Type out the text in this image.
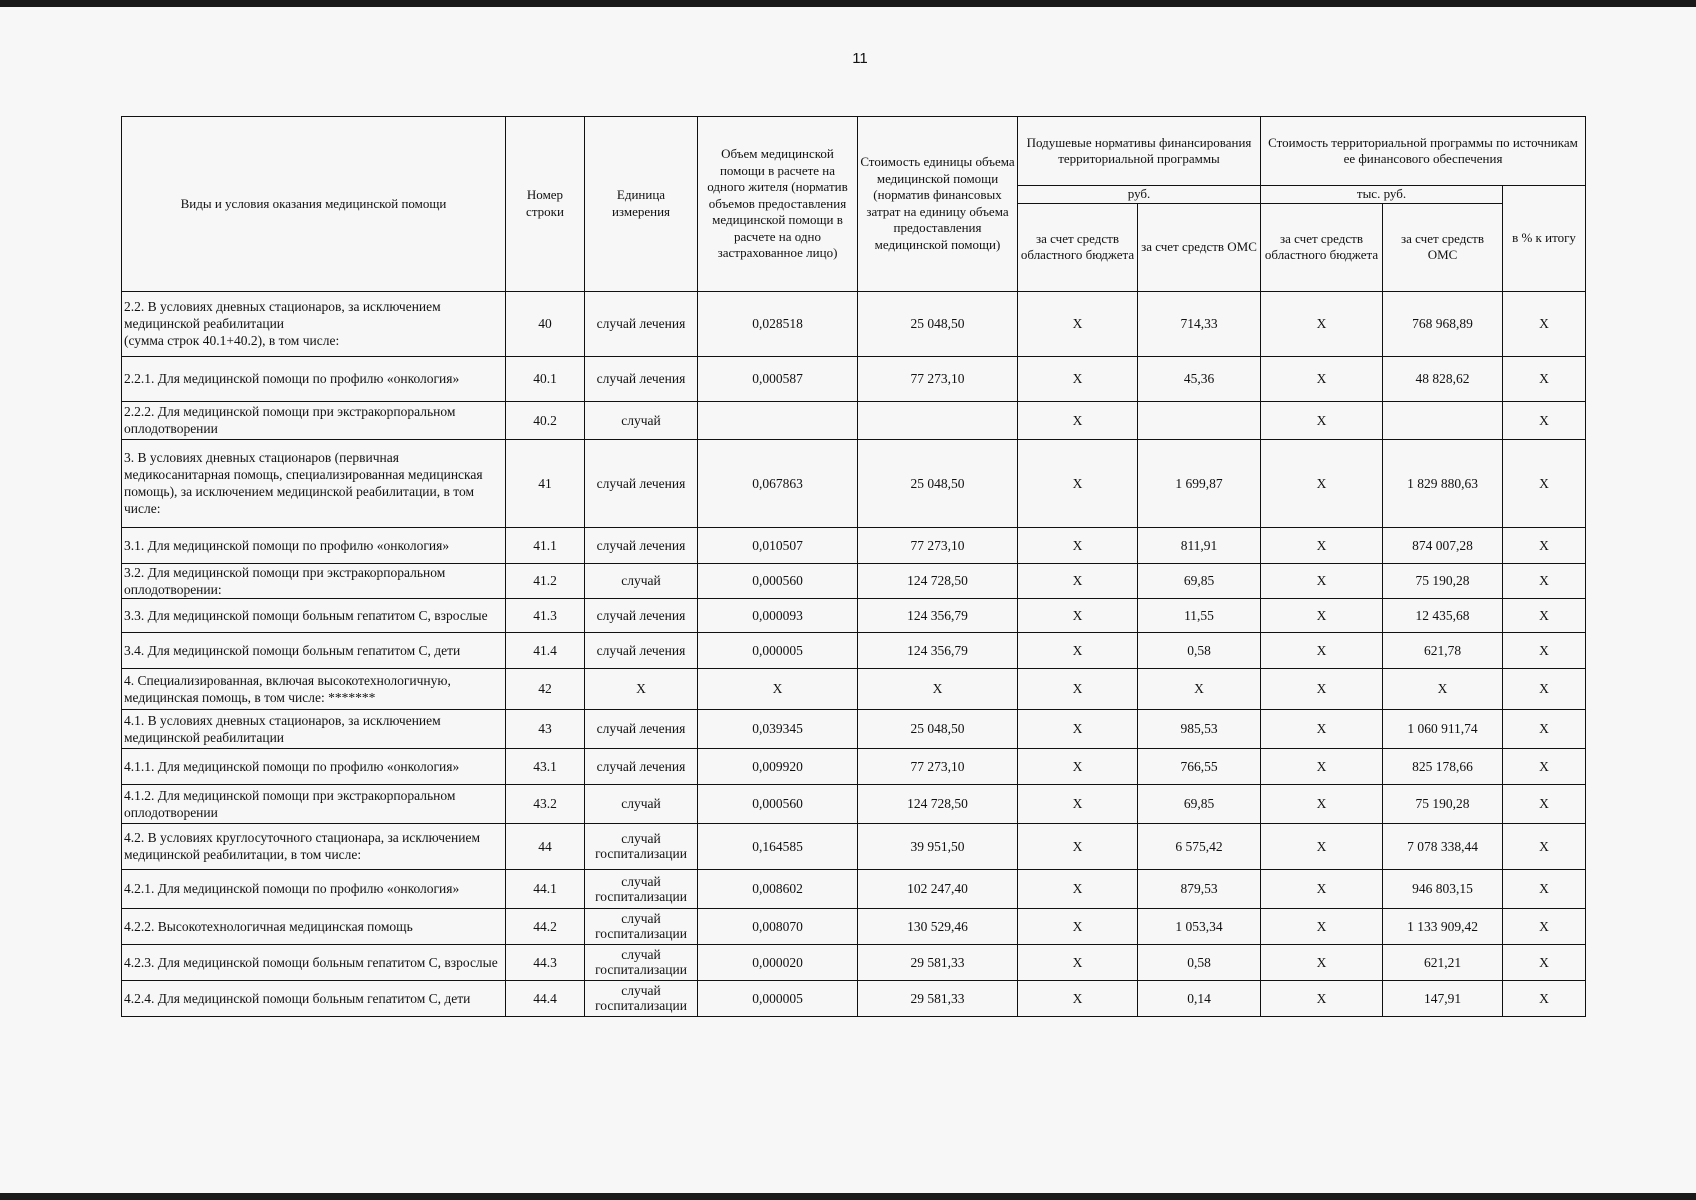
11
Виды и условия оказания медицинской помощи	Номер строки	Единица измерения	Объем медицинской помощи в расчете на одного жителя (норматив объемов предоставления медицинской помощи в расчете на одно застрахованное лицо)	Стоимость единицы объема медицинской помощи (норматив финансовых затрат на единицу объема предоставления медицинской помощи)	Подушевые нормативы финансирования территориальной программы		Стоимость территориальной программы по источникам ее финансового обеспечения		
					руб.		тыс. руб.		в % к итогу
					за счет средств областного бюджета	за счет средств ОМС	за счет средств областного бюджета	за счет средств ОМС	
2.2. В условиях дневных стационаров, за исключением медицинской реабилитации
(сумма строк 40.1+40.2), в том числе:	40	случай лечения	0,028518	25 048,50	Х	714,33	Х	768 968,89	Х
2.2.1. Для медицинской помощи по профилю «онкология»	40.1	случай лечения	0,000587	77 273,10	Х	45,36	Х	48 828,62	Х
2.2.2. Для медицинской помощи при экстракорпоральном оплодотворении	40.2	случай			Х		Х		Х
3. В условиях дневных стационаров (первичная медикосанитарная помощь, специализированная медицинская помощь), за исключением медицинской реабилитации, в том числе:	41	случай лечения	0,067863	25 048,50	Х	1 699,87	Х	1 829 880,63	Х
3.1. Для медицинской помощи по профилю «онкология»	41.1	случай лечения	0,010507	77 273,10	Х	811,91	Х	874 007,28	Х
3.2. Для медицинской помощи при экстракорпоральном оплодотворении:	41.2	случай	0,000560	124 728,50	Х	69,85	Х	75 190,28	Х
3.3. Для медицинской помощи больным гепатитом С, взрослые	41.3	случай лечения	0,000093	124 356,79	Х	11,55	Х	12 435,68	Х
3.4. Для медицинской помощи больным гепатитом С, дети	41.4	случай лечения	0,000005	124 356,79	Х	0,58	Х	621,78	Х
4. Специализированная, включая высокотехнологичную, медицинская помощь, в том числе: *******	42	Х	Х	Х	Х	Х	Х	Х	Х
4.1. В условиях дневных стационаров, за исключением медицинской реабилитации	43	случай лечения	0,039345	25 048,50	Х	985,53	Х	1 060 911,74	Х
4.1.1. Для медицинской помощи по профилю «онкология»	43.1	случай лечения	0,009920	77 273,10	Х	766,55	Х	825 178,66	Х
4.1.2. Для медицинской помощи при экстракорпоральном оплодотворении	43.2	случай	0,000560	124 728,50	Х	69,85	Х	75 190,28	Х
4.2. В условиях круглосуточного стационара, за исключением медицинской реабилитации, в том числе:	44	случай госпитализации	0,164585	39 951,50	Х	6 575,42	Х	7 078 338,44	Х
4.2.1. Для медицинской помощи по профилю «онкология»	44.1	случай госпитализации	0,008602	102 247,40	Х	879,53	Х	946 803,15	Х
4.2.2. Высокотехнологичная медицинская помощь	44.2	случай госпитализации	0,008070	130 529,46	Х	1 053,34	Х	1 133 909,42	Х
4.2.3. Для медицинской помощи больным гепатитом С, взрослые	44.3	случай госпитализации	0,000020	29 581,33	Х	0,58	Х	621,21	Х
4.2.4. Для медицинской помощи больным гепатитом С, дети	44.4	случай госпитализации	0,000005	29 581,33	Х	0,14	Х	147,91	Х
